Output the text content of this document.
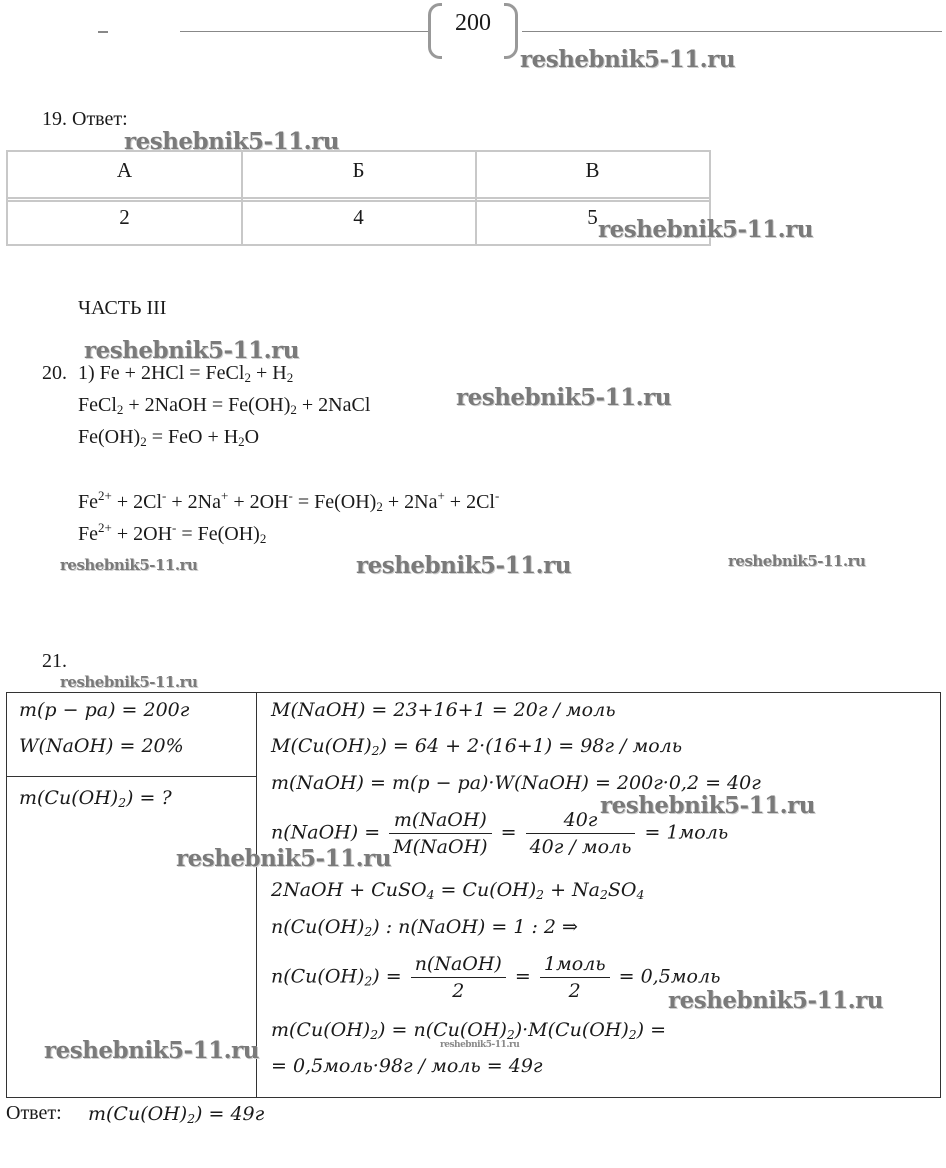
200
19. Ответ:
А	Б	В
2	4	5
ЧАСТЬ III
20. 1) Fe + 2HCl = FeCl$_2$ + $H_2$
FeCl$_2$ + 2NaOH = $Fe(OH)_2$ + 2NaCl
$Fe(OH)_2$ = FeO + $H_2O$
$Fe^{2+} + 2Cl^- + 2Na^+ + 2OH^- = Fe(OH)_2 + 2Na^+ + 2Cl^-$
$Fe^{2+} + 2OH^- = Fe(OH)_2$
21.
m(p − pa) = 200г
W(NaOH) = 20%
$m(Cu(OH)_2)$ = ?
M(NaOH) = 23+16+1 = 20г / моль
$M(Cu(OH)_2) = 64 + 2\cdot(16+1) = 98г$ / моль
m(NaOH) = m(p − pa)·W(NaOH) = 200г·0,2 = 40г
n(NaOH) = $\frac{\text{m(NaOH)}}{\text{M(NaOH)}} = \frac{40г}{\text{40г / моль}}$ = 1моль
2NaOH + CuSO$_4$ = $Cu(OH)_2 + Na_2SO_4$
$n(Cu(OH)_2)$ : n(NaOH) = 1 : 2 ⇒
$n(Cu(OH)_2) = \frac{\text{n(NaOH)}}{2} = \frac{\text{1моль}}{2}$ = 0,5моль
$m(Cu(OH)_2) = n(Cu(OH)_2)\cdot M(Cu(OH)_2)$ =
= 0,5моль·98г / моль = 49г
Ответ: $m(Cu(OH)_2) = 49г$
reshebnik5-11.ru
reshebnik5-11.ru
reshebnik5-11.ru
reshebnik5-11.ru
reshebnik5-11.ru
reshebnik5-11.ru	reshebnik5-11.ru	reshebnik5-11.ru
reshebnik5-11.ru
reshebnik5-11.ru
reshebnik5-11.ru
reshebnik5-11.ru
reshebnik5-11.ru	reshebnik5-11.ru
